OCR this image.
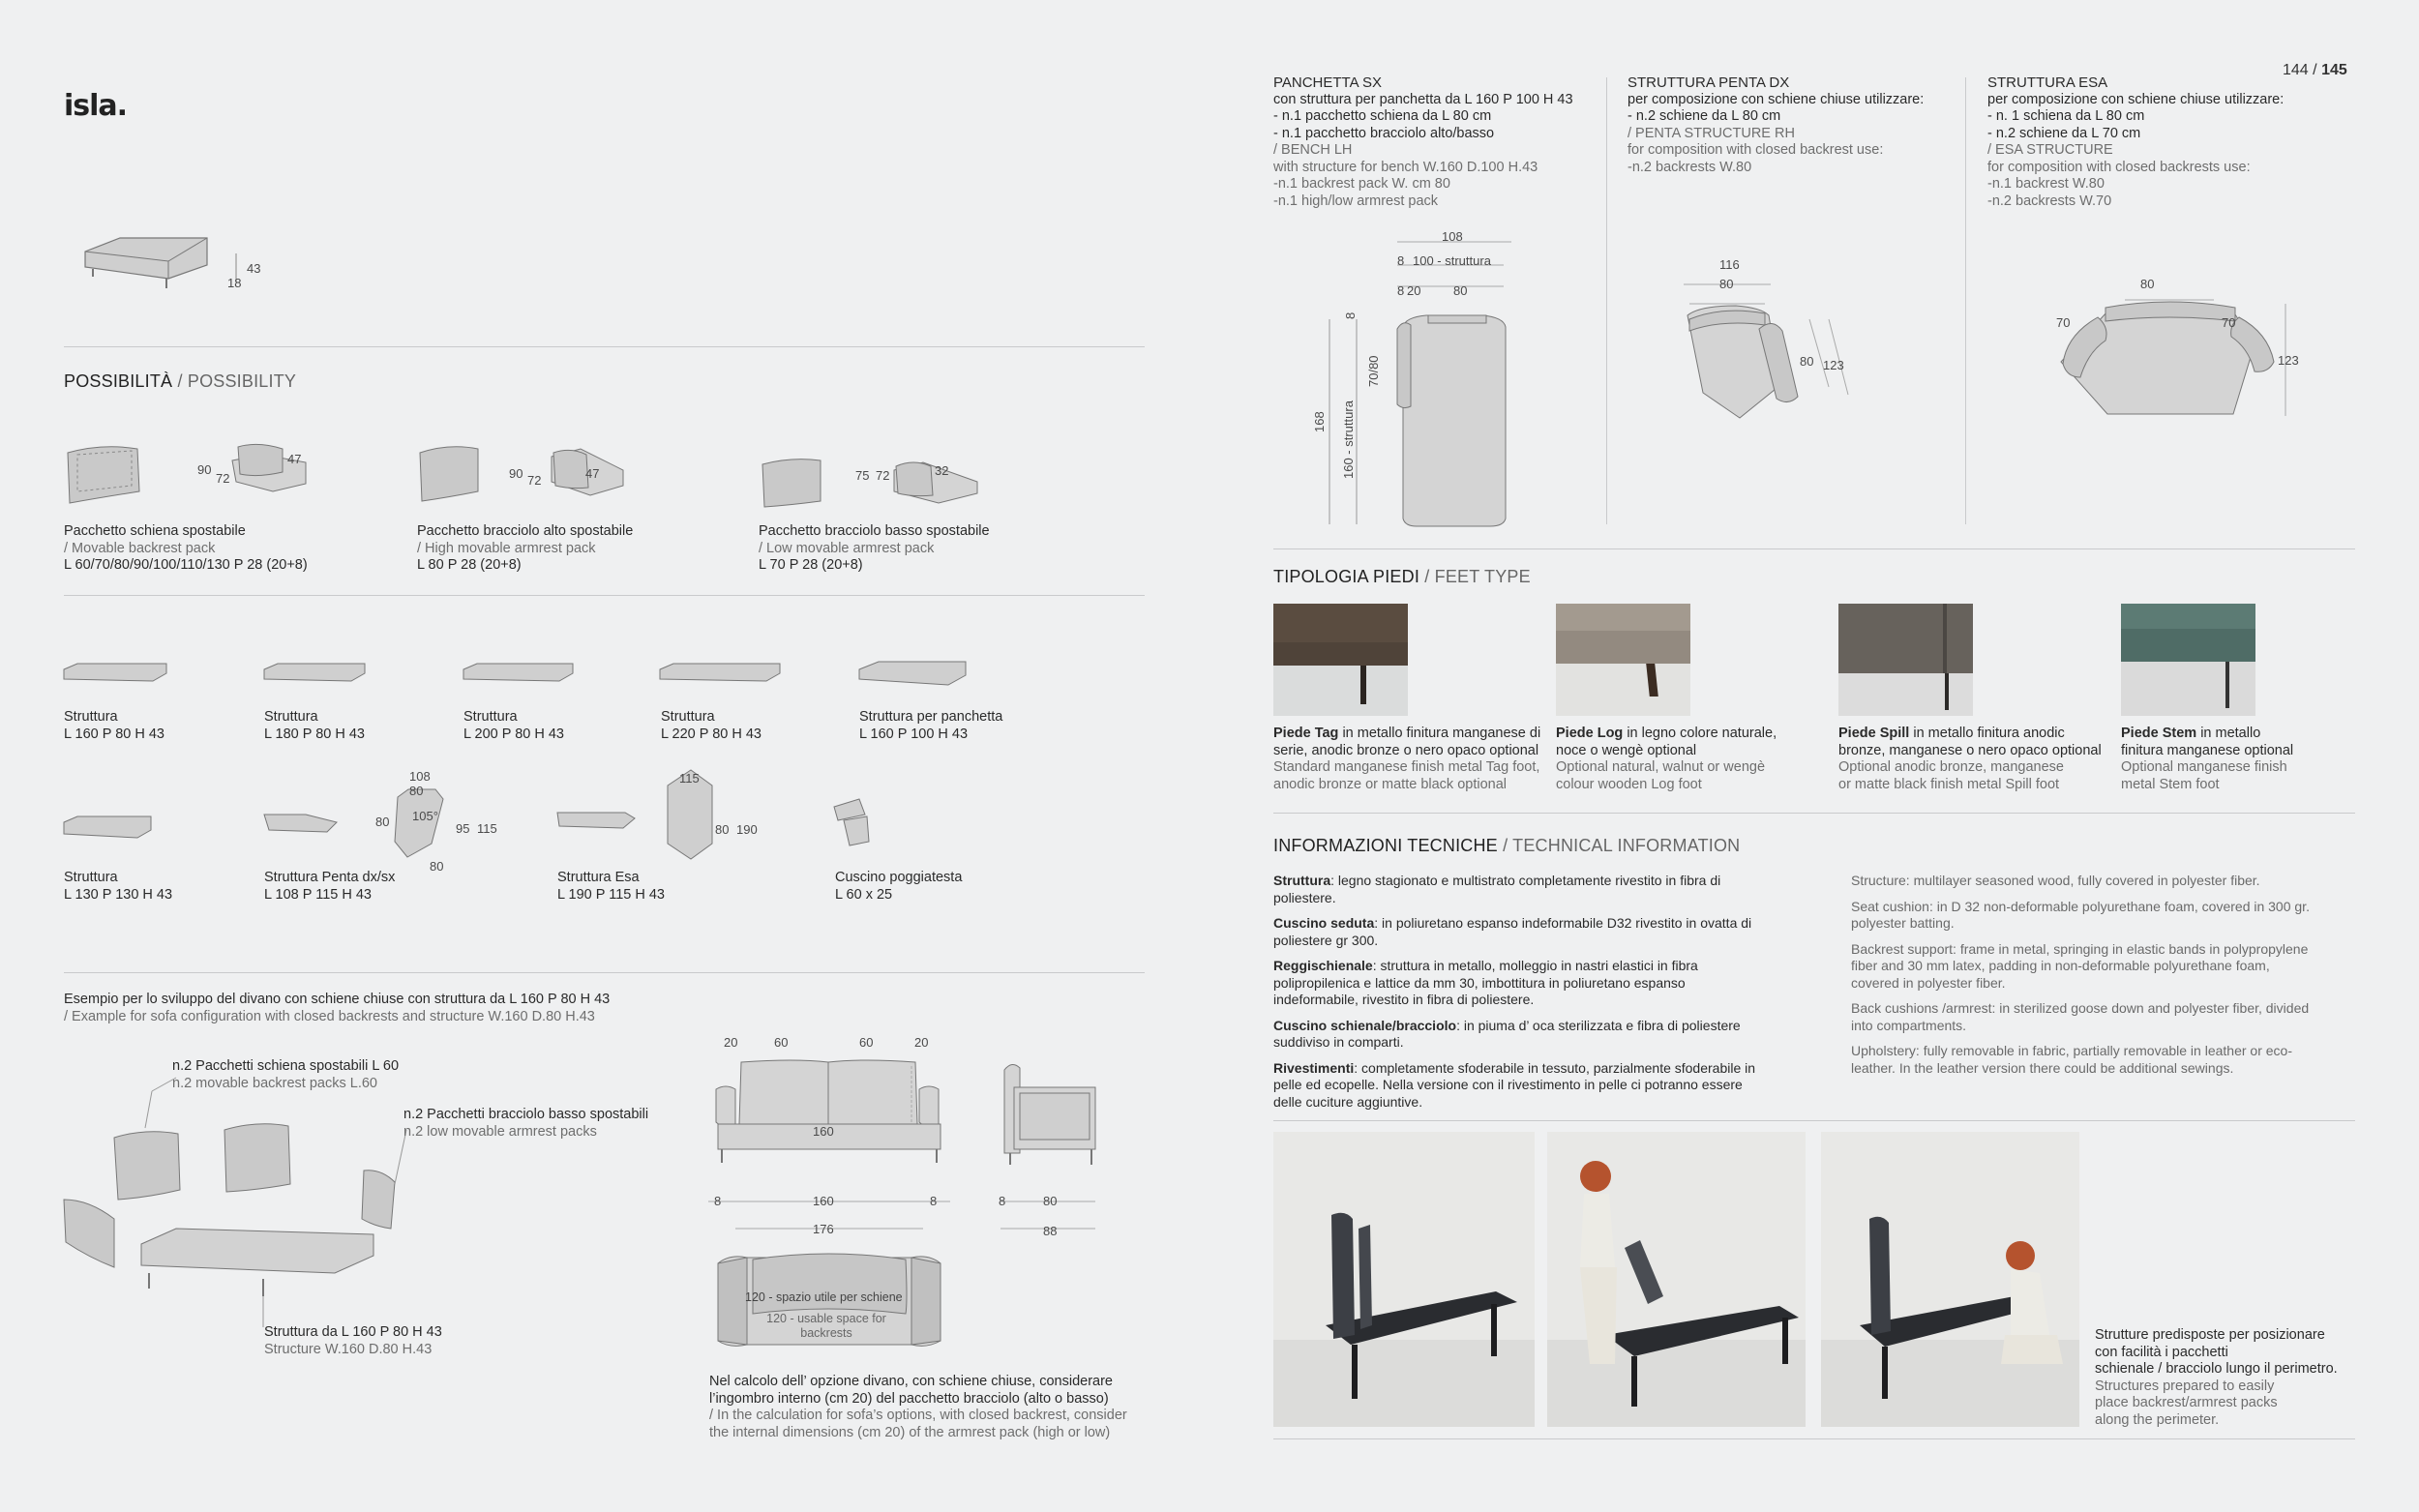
isla.
43
18
POSSIBILITÀ / POSSIBILITY
90
72
47
90 72	47	75 72	32
Pacchetto schiena spostabile
/ Movable backrest pack
L 60/70/80/90/100/110/130 P 28 (20+8)
Pacchetto bracciolo alto spostabile
/ High movable armrest pack
L 80 P 28 (20+8)
Pacchetto bracciolo basso spostabile
/ Low movable armrest pack
L 70 P 28 (20+8)
Struttura
L 160 P 80 H 43
Struttura
L 180 P 80 H 43
Struttura
L 200 P 80 H 43
Struttura
L 220 P 80 H 43
Struttura per panchetta
L 160 P 100 H 43
108
80
80 105°
95 115
80
115
80 190
Struttura
L 130 P 130 H 43
Struttura Penta dx/sx
L 108 P 115 H 43
Struttura Esa
L 190 P 115 H 43
Cuscino poggiatesta
L 60 x 25
Esempio per lo sviluppo del divano con schiene chiuse con struttura da L 160 P 80 H 43
/ Example for sofa configuration with closed backrests and structure W.160 D.80 H.43
n.2 Pacchetti schiena spostabili L 60
n.2 movable backrest packs L.60
n.2 Pacchetti bracciolo basso spostabili
n.2 low movable armrest packs
Struttura da L 160 P 80 H 43
Structure W.160 D.80 H.43
20	60	60	20
160
8	160	8
176
8	80
88
120 - spazio utile per schiene
120 - usable space for backrests
Nel calcolo dell’ opzione divano, con schiene chiuse, considerare
l’ingombro interno (cm 20) del pacchetto bracciolo (alto o basso)
/ In the calculation for sofa’s options, with closed backrest, consider
the internal dimensions (cm 20) of the armrest pack (high or low)
144 / 145
PANCHETTA SX
con struttura per panchetta da L 160 P 100 H 43
- n.1 pacchetto schiena da L 80 cm
- n.1 pacchetto bracciolo alto/basso
/ BENCH LH
with structure for bench W.160 D.100 H.43
-n.1 backrest pack W. cm 80
-n.1 high/low armrest pack
STRUTTURA PENTA DX
per composizione con schiene chiuse utilizzare:
- n.2 schiene da L 80 cm
/ PENTA STRUCTURE RH
for composition with closed backrest use:
-n.2 backrests W.80
STRUTTURA ESA
per composizione con schiene chiuse utilizzare:
- n. 1 schiena da L 80 cm
- n.2 schiene da L 70 cm
/ ESA STRUCTURE
for composition with closed backrests use:
-n.1 backrest W.80
-n.2 backrests W.70
108
8 100 - strutturа
8 20	80
8
70/80
168 160 - struttura
116
80
80 123
80
70	70
123
TIPOLOGIA PIEDI / FEET TYPE
Piede Tag in metallo finitura manganese di
serie, anodic bronze o nero opaco optional
Standard manganese finish metal Tag foot,
anodic bronze or matte black optional
Piede Log in legno colore naturale,
noce o wengè optional
Optional natural, walnut or wengè
colour wooden Log foot
Piede Spill in metallo finitura anodic
bronze, manganese o nero opaco optional
Optional anodic bronze, manganese
or matte black finish metal Spill foot
Piede Stem in metallo
finitura manganese optional
Optional manganese finish
metal Stem foot
INFORMAZIONI TECNICHE / TECHNICAL INFORMATION
Struttura: legno stagionato e multistrato completamente rivestito in fibra di poliestere.
Cuscino seduta: in poliuretano espanso indeformabile D32 rivestito in ovatta di poliestere gr 300.
Reggischienale: struttura in metallo, molleggio in nastri elastici in fibra polipropilenica e lattice da mm 30, imbottitura in poliuretano espanso indeformabile, rivestito in fibra di poliestere.
Cuscino schienale/bracciolo: in piuma d’ oca sterilizzata e fibra di poliestere suddiviso in comparti.
Rivestimenti: completamente sfoderabile in tessuto, parzialmente sfoderabile in pelle ed ecopelle. Nella versione con il rivestimento in pelle ci potranno essere delle cuciture aggiuntive.
Structure: multilayer seasoned wood, fully covered in polyester fiber.
Seat cushion: in D 32 non-deformable polyurethane foam, covered in 300 gr. polyester batting.
Backrest support: frame in metal, springing in elastic bands in polypropylene fiber and 30 mm latex, padding in non-deformable polyurethane foam, covered in polyester fiber.
Back cushions /armrest: in sterilized goose down and polyester fiber, divided into compartments.
Upholstery: fully removable in fabric, partially removable in leather or eco-leather. In the leather version there could be additional sewings.
Strutture predisposte per posizionare
con facilità i pacchetti
schienale / bracciolo lungo il perimetro.
Structures prepared to easily
place backrest/armrest packs
along the perimeter.
